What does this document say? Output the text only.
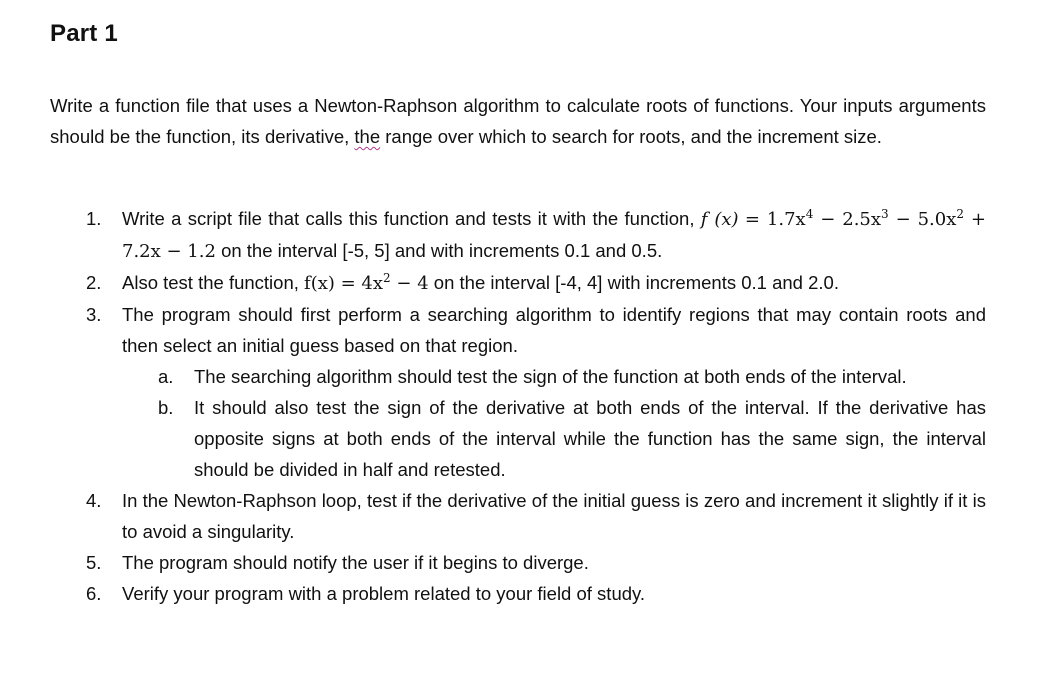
Part 1
Write a function file that uses a Newton-Raphson algorithm to calculate roots of functions. Your inputs arguments should be the function, its derivative, the range over which to search for roots, and the increment size.
1.	Write a script file that calls this function and tests it with the function, f $(x) = 1.7x^4 - 2.5x^3 - 5.0x^2 + 7.2x - 1.2$ on the interval [-5, 5] and with increments 0.1 and 0.5.
2.	Also test the function, $f(x) = 4x^2 - 4$ on the interval [-4, 4] with increments 0.1 and 2.0.
3.	The program should first perform a searching algorithm to identify regions that may contain roots and then select an initial guess based on that region.
a. The searching algorithm should test the sign of the function at both ends of the interval.
b. It should also test the sign of the derivative at both ends of the interval. If the derivative has opposite signs at both ends of the interval while the function has the same sign, the interval should be divided in half and retested.
4.	In the Newton-Raphson loop, test if the derivative of the initial guess is zero and increment it slightly if it is to avoid a singularity.
5.	The program should notify the user if it begins to diverge.
6.	Verify your program with a problem related to your field of study.
